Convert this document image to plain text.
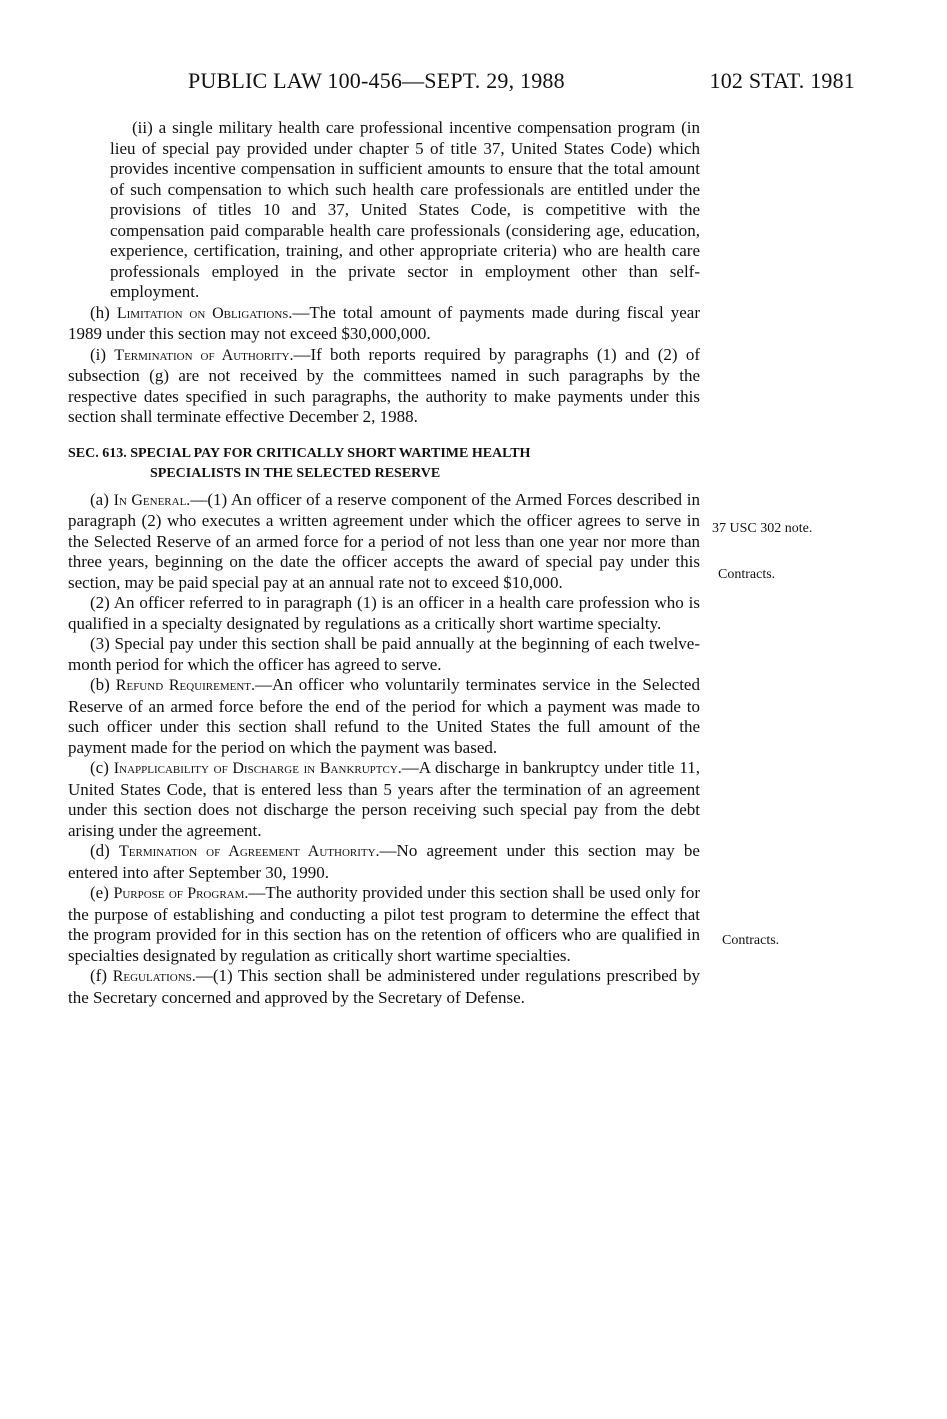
PUBLIC LAW 100-456—SEPT. 29, 1988	102 STAT. 1981

(ii) a single military health care professional incentive compensation program (in lieu of special pay provided under chapter 5 of title 37, United States Code) which provides incentive compensation in sufficient amounts to ensure that the total amount of such compensation to which such health care professionals are entitled under the provisions of titles 10 and 37, United States Code, is competitive with the compensation paid comparable health care professionals (considering age, education, experience, certification, training, and other appropriate criteria) who are health care professionals employed in the private sector in employment other than self-employment.

(h) Limitation on Obligations.—The total amount of payments made during fiscal year 1989 under this section may not exceed $30,000,000.

(i) Termination of Authority.—If both reports required by paragraphs (1) and (2) of subsection (g) are not received by the committees named in such paragraphs by the respective dates specified in such paragraphs, the authority to make payments under this section shall terminate effective December 2, 1988.

SEC. 613. SPECIAL PAY FOR CRITICALLY SHORT WARTIME HEALTH
SPECIALISTS IN THE SELECTED RESERVE

(a) In General.—(1) An officer of a reserve component of the Armed Forces described in paragraph (2) who executes a written agreement under which the officer agrees to serve in the Selected Reserve of an armed force for a period of not less than one year nor more than three years, beginning on the date the officer accepts the award of special pay under this section, may be paid special pay at an annual rate not to exceed $10,000.

(2) An officer referred to in paragraph (1) is an officer in a health care profession who is qualified in a specialty designated by regulations as a critically short wartime specialty.

(3) Special pay under this section shall be paid annually at the beginning of each twelve-month period for which the officer has agreed to serve.

(b) Refund Requirement.—An officer who voluntarily terminates service in the Selected Reserve of an armed force before the end of the period for which a payment was made to such officer under this section shall refund to the United States the full amount of the payment made for the period on which the payment was based.

(c) Inapplicability of Discharge in Bankruptcy.—A discharge in bankruptcy under title 11, United States Code, that is entered less than 5 years after the termination of an agreement under this section does not discharge the person receiving such special pay from the debt arising under the agreement.

(d) Termination of Agreement Authority.—No agreement under this section may be entered into after September 30, 1990.

(e) Purpose of Program.—The authority provided under this section shall be used only for the purpose of establishing and conducting a pilot test program to determine the effect that the program provided for in this section has on the retention of officers who are qualified in specialties designated by regulation as critically short wartime specialties.

(f) Regulations.—(1) This section shall be administered under regulations prescribed by the Secretary concerned and approved by the Secretary of Defense.

37 USC 302 note.
Contracts.
Contracts.
